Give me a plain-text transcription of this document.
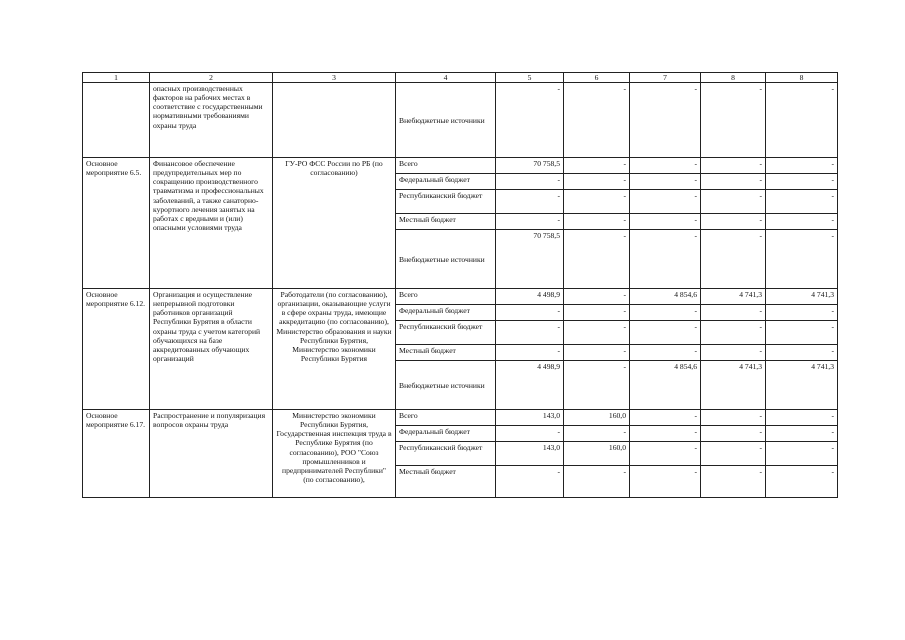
1	2	3	4	5	6	7	8	8
	опасных производственных факторов на рабочих местах в соответствие с государственными нормативными требованиями охраны труда		Внебюджетные источники	-	-	-	-	-
Основное мероприятие 6.5.	Финансовое обеспечение предупредительных мер по сокращению производственного травматизма и профессиональных заболеваний, а также санаторно-курортного лечения занятых на работах с вредными и (или) опасными условиями труда	ГУ-РО ФСС России по РБ (по согласованию)	Всего	70 758,5	-	-	-	-
			Федеральный бюджет	-	-	-	-	-
			Республиканский бюджет	-	-	-	-	-
			Местный бюджет	-	-	-	-	-
			Внебюджетные источники	70 758,5	-	-	-	-
Основное мероприятие 6.12.	Организация и осуществление непрерывной подготовки работников организаций Республики Бурятия в области охраны труда с учетом категорий обучающихся на базе аккредитованных обучающих организаций	Работодатели (по согласованию), организации, оказывающие услуги в сфере охраны труда, имеющие аккредитацию (по согласованию), Министерство образования и науки Республики Бурятия, Министерство экономики Республики Бурятия	Всего	4 498,9	-	4 854,6	4 741,3	4 741,3
			Федеральный бюджет	-	-	-	-	-
			Республиканский бюджет	-	-	-	-	-
			Местный бюджет	-	-	-	-	-
			Внебюджетные источники	4 498,9	-	4 854,6	4 741,3	4 741,3
Основное мероприятие 6.17.	Распространение и популяризация вопросов охраны труда	Министерство экономики Республики Бурятия, Государственная инспекция труда в Республике Бурятия (по согласованию), РОО "Союз промышленников и предпринимателей Республики" (по согласованию),	Всего	143,0	160,0	-	-	-
			Федеральный бюджет	-	-	-	-	-
			Республиканский бюджет	143,0	160,0	-	-	-
			Местный бюджет	-	-	-	-	-
